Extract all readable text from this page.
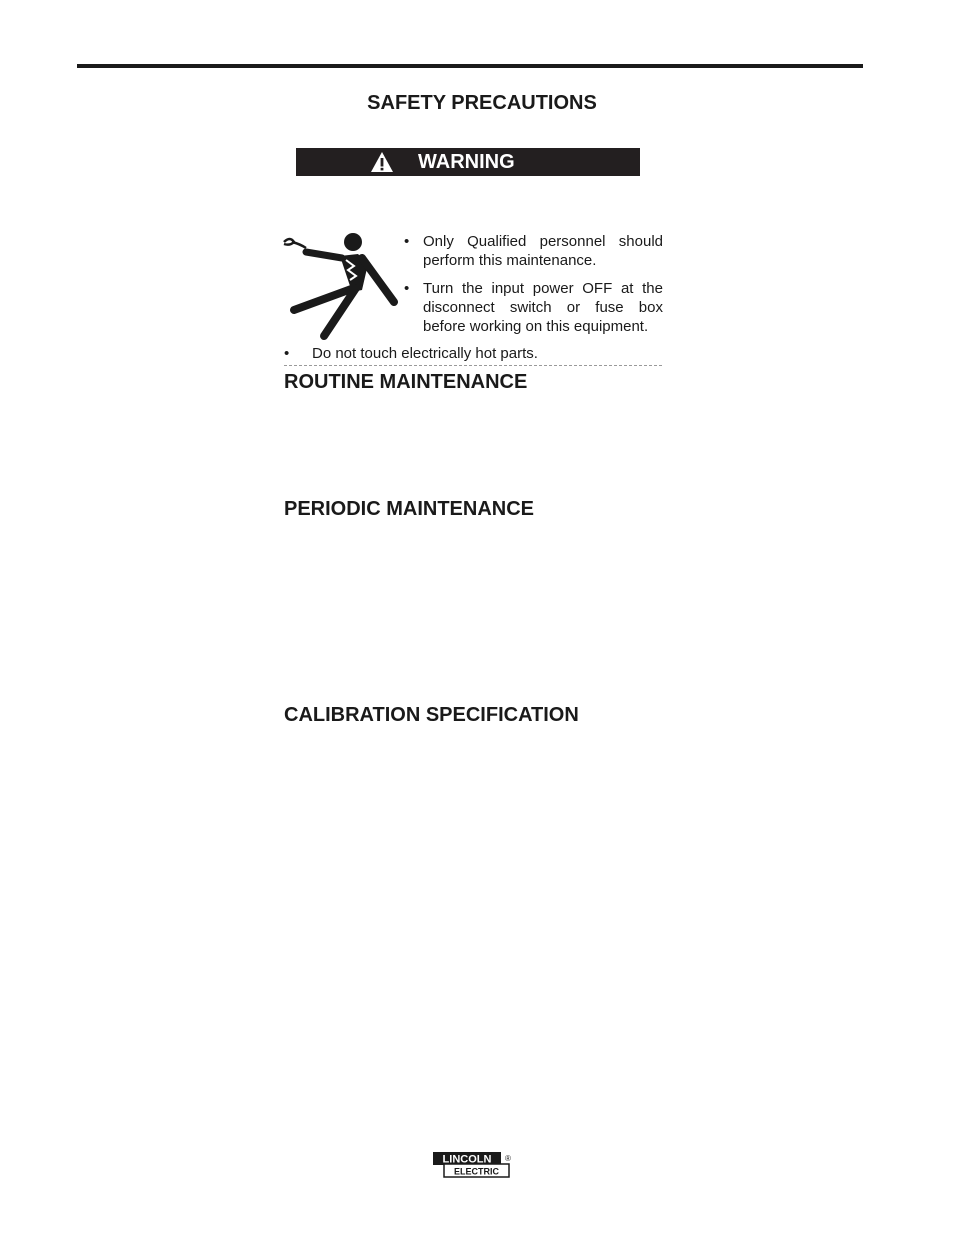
SAFETY PRECAUTIONS
WARNING
• Only Qualified personnel should perform this maintenance.
• Turn the input power OFF at the disconnect switch or fuse box before working on this equipment.
• Do not touch electrically hot parts.
ROUTINE MAINTENANCE
PERIODIC MAINTENANCE
CALIBRATION SPECIFICATION
LINCOLN
ELECTRIC
®
